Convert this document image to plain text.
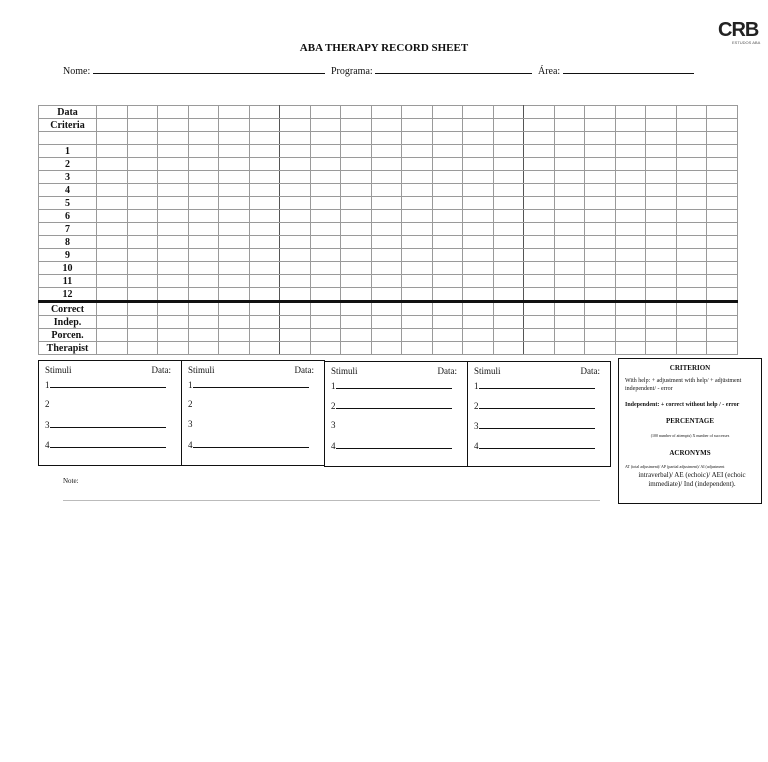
CRB
ESTUDOS ABA
ABA THERAPY RECORD SHEET
Nome:	Programa:	Área:
Data																					
Criteria																					

1																					
2																					
3																					
4																					
5																					
6																					
7																					
8																					
9																					
10																					
11																					
12																					
Correct																					
Indep.																					
Porcen.																					
Therapist																					
Stimuli	Data:
1
2
3
4
Stimuli	Data:
1
2
3
4
Stimuli	Data:
1
2
3
4
Stimuli	Data:
1
2
3
4
CRITERION
With help: + adjustment with help/ + adjüstment independent/ - error
Independent: + correct without help / - error
PERCENTAGE
(100 number of attempts) X number of successes
ACRONYMS
AT (total adjustment)/ AP (partial adjustment)/ AI (adjustment
intraverbal)/ AE (echoic)/ AEI (echoic immediate)/ Ind (independent).
Note:
